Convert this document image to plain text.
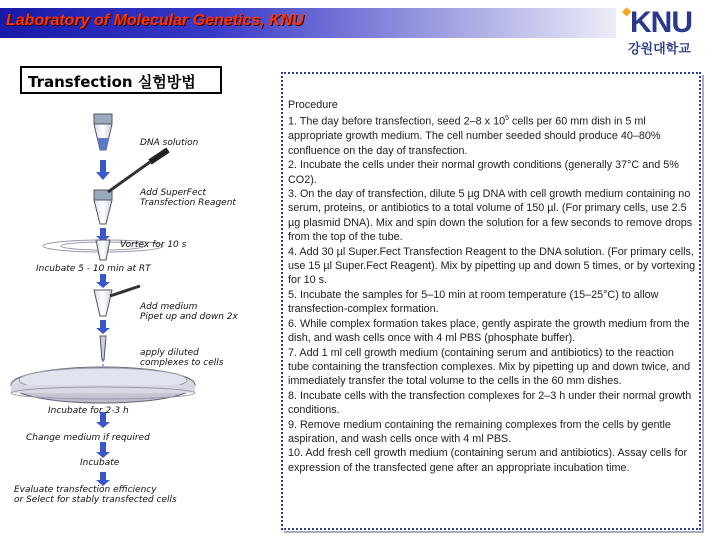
Laboratory of Molecular Genetics, KNU
◆
KNU
강원대학교
Transfection 실험방법
DNA solution
Add SuperFect
Transfection Reagent
Vortex for 10 s
Incubate 5 - 10 min at RT
Add medium
Pipet up and down 2x
apply diluted
complexes to cells
Incubate for 2-3 h
Change medium if required
Incubate
Evaluate transfection efficiency
or Select for stably transfected cells

Procedure

1. The day before transfection, seed 2–8 x $10^5$ cells per 60 mm dish in 5 ml appropriate growth medium. The cell number seeded should produce 40–80% confluence on the day of transfection.

2. Incubate the cells under their normal growth conditions (generally 37°C and 5% CO2).

3. On the day of transfection, dilute 5 µg DNA with cell growth medium containing no serum, proteins, or antibiotics to a total volume of 150 µl. (For primary cells, use 2.5 µg plasmid DNA). Mix and spin down the solution for a few seconds to remove drops from the top of the tube.

4. Add 30 µl Super.Fect Transfection Reagent to the DNA solution. (For primary cells, use 15 µl Super.Fect Reagent). Mix by pipetting up and down 5 times, or by vortexing for 10 s.

5. Incubate the samples for 5–10 min at room temperature (15–25°C) to allow transfection-complex formation.

6. While complex formation takes place, gently aspirate the growth medium from the dish, and wash cells once with 4 ml PBS (phosphate buffer).

7. Add 1 ml cell growth medium (containing serum and antibiotics) to the reaction tube containing the transfection complexes. Mix by pipetting up and down twice, and immediately transfer the total volume to the cells in the 60 mm dishes.

8. Incubate cells with the transfection complexes for 2–3 h under their normal growth conditions.

9. Remove medium containing the remaining complexes from the cells by gentle aspiration, and wash cells once with 4 ml PBS.

10. Add fresh cell growth medium (containing serum and antibiotics). Assay cells for expression of the transfected gene after an appropriate incubation time.
